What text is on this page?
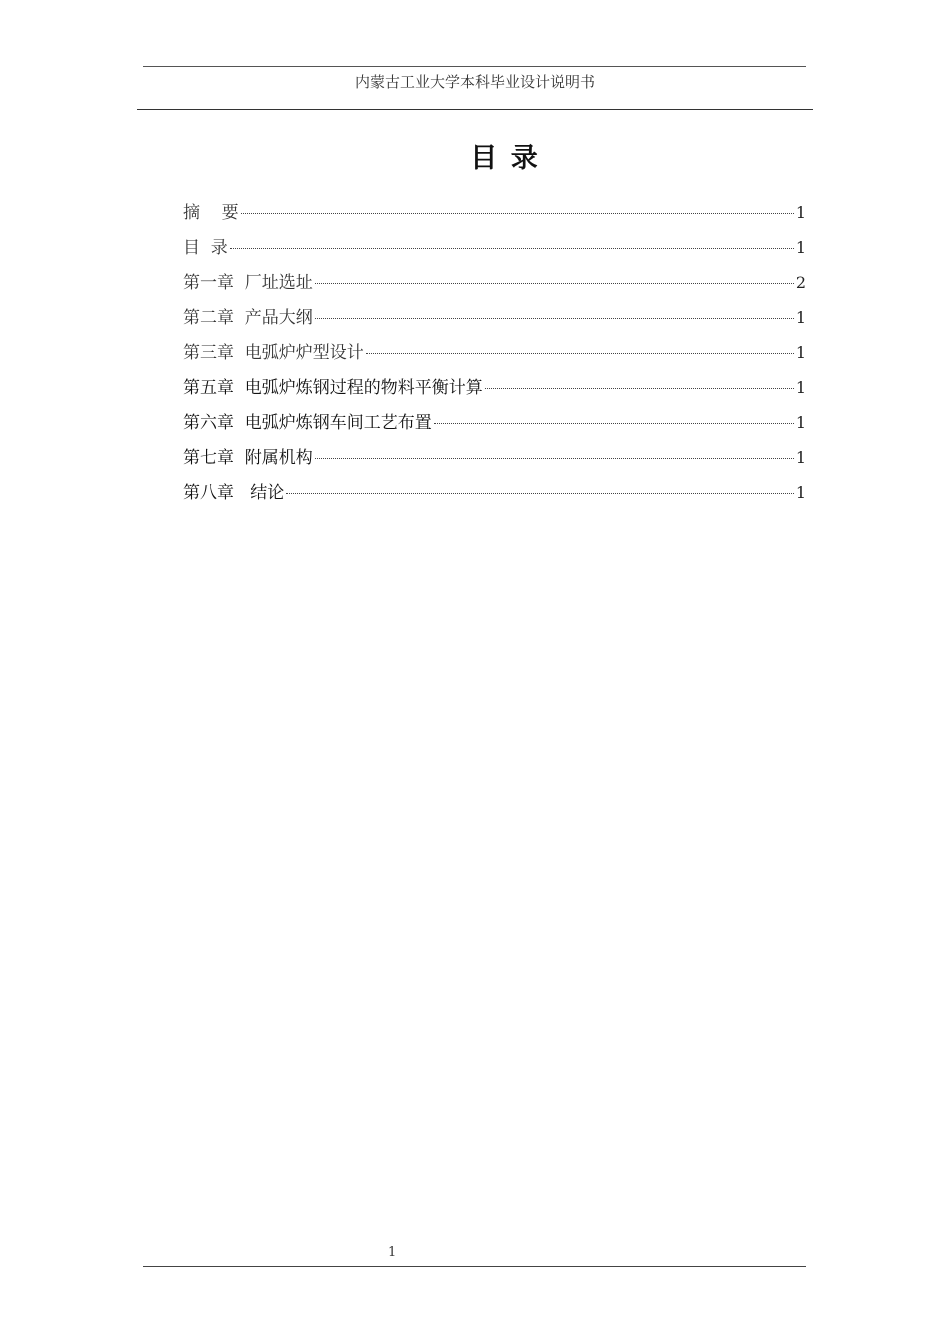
内蒙古工业大学本科毕业设计说明书
目 录
摘    要	1
目  录	1
第一章  厂址选址	2
第二章  产品大纲	1
第三章  电弧炉炉型设计	1
第五章  电弧炉炼钢过程的物料平衡计算	1
第六章  电弧炉炼钢车间工艺布置	1
第七章  附属机构	1
第八章   结论	1
1
